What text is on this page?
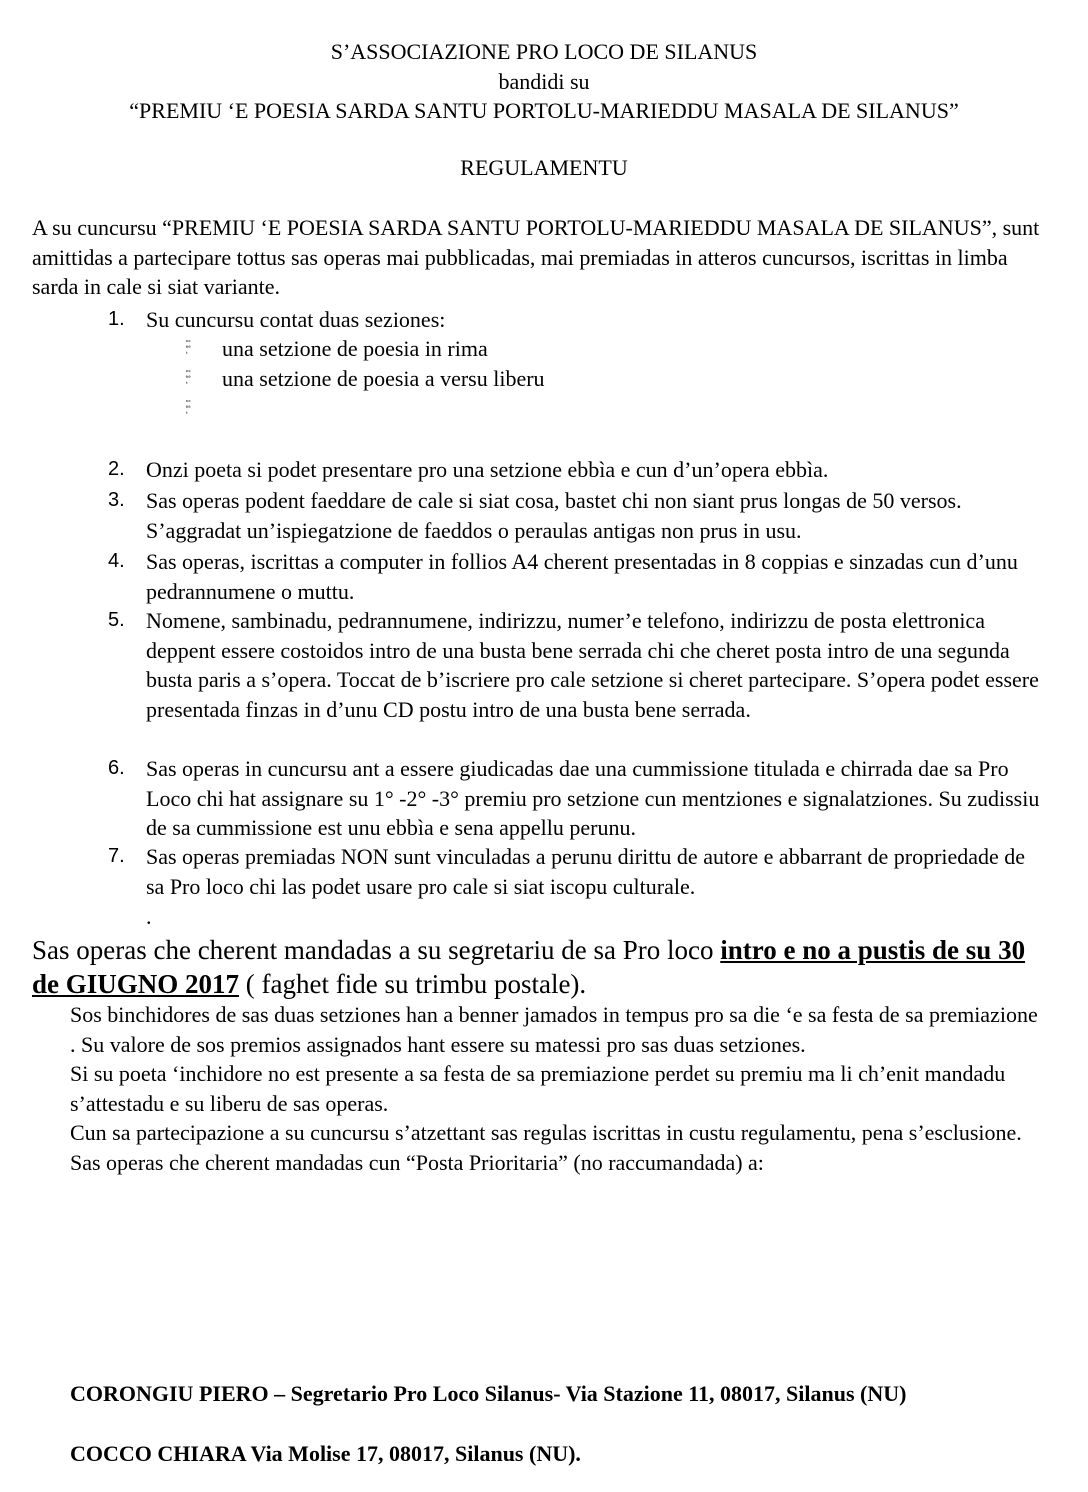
S’ASSOCIAZIONE PRO LOCO DE SILANUS
bandidi su
“PREMIU ‘E POESIA SARDA SANTU PORTOLU-MARIEDDU MASALA DE SILANUS”
REGULAMENTU
A su cuncursu “PREMIU ‘E POESIA SARDA SANTU PORTOLU-MARIEDDU MASALA DE SILANUS”, sunt amittidas a partecipare tottus sas operas mai pubblicadas, mai premiadas in atteros cuncursos, iscrittas in limba sarda in cale si siat variante.
1. Su cuncursu contat duas seziones:
ᵒᵒ
ᶿᶿ
ᵗ	una setzione de poesia in rima
ᵒᵒ
ᶿᶿ
ᵗ	una setzione de poesia a versu liberu
ᵒᵒ
ᶿᶿ
ᵗ
2. Onzi poeta si podet presentare pro una setzione ebbìa e cun d’un’opera ebbìa.
3. Sas operas podent faeddare de cale si siat cosa, bastet chi non siant prus longas de 50 versos. S’aggradat un’ispiegatzione de faeddos o peraulas antigas non prus in usu.
4. Sas operas, iscrittas a computer in follios A4 cherent presentadas in 8 coppias e sinzadas cun d’unu pedrannumene o muttu.
5. Nomene, sambinadu, pedrannumene, indirizzu, numer’e telefono, indirizzu de posta elettronica deppent essere costoidos intro de una busta bene serrada chi che cheret posta intro de una segunda busta paris a s’opera. Toccat de b’iscriere pro cale setzione si cheret partecipare. S’opera podet essere presentada finzas in d’unu CD postu intro de una busta bene serrada.
6. Sas operas in cuncursu ant a essere giudicadas dae una cummissione titulada e chirrada dae sa Pro Loco chi hat assignare su 1° -2° -3° premiu pro setzione cun mentziones e signalatziones. Su zudissiu de sa cummissione est unu ebbìa e sena appellu perunu.
7. Sas operas premiadas NON sunt vinculadas a perunu dirittu de autore e abbarrant de propriedade de sa Pro loco chi las podet usare pro cale si siat iscopu culturale.
.
Sas operas che cherent mandadas a su segretariu de sa Pro loco intro e no a pustis de su 30 de GIUGNO 2017 ( faghet fide su trimbu postale).
Sos binchidores de sas duas setziones han a benner jamados in tempus pro sa die ‘e sa festa de sa premiazione . Su valore de sos premios assignados hant essere su matessi pro sas duas setziones.
Si su poeta ‘inchidore no est presente a sa festa de sa premiazione perdet su premiu ma li ch’enit mandadu s’attestadu e su liberu de sas operas.
Cun sa partecipazione a su cuncursu s’atzettant sas regulas iscrittas in custu regulamentu, pena s’esclusione.
Sas operas che cherent mandadas cun “Posta Prioritaria” (no raccumandada) a:
CORONGIU PIERO – Segretario Pro Loco Silanus- Via Stazione 11, 08017, Silanus (NU)
COCCO CHIARA Via Molise 17, 08017, Silanus (NU).
